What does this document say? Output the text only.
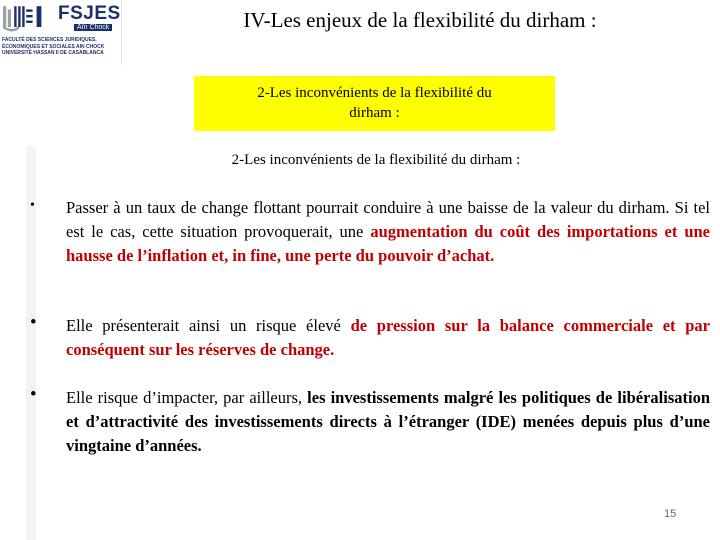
FSJES
Aïn Chock
FACULTÉ DES SCIENCES JURIDIQUES,
ÉCONOMIQUES ET SOCIALES AIN CHOCK
UNIVERSITÉ HASSAN II DE CASABLANCA
IV-Les enjeux de la flexibilité du dirham :
2-Les inconvénients de la flexibilité du
dirham :
2-Les inconvénients de la flexibilité du dirham :
• Passer à un taux de change flottant pourrait conduire à une baisse de la valeur du dirham. Si tel est le cas, cette situation provoquerait, une augmentation du coût des importations et une hausse de l’inflation et, in fine, une perte du pouvoir d’achat.
• Elle présenterait ainsi un risque élevé de pression sur la balance commerciale et par conséquent sur les réserves de change.
• Elle risque d’impacter, par ailleurs, les investissements malgré les politiques de libéralisation et d’attractivité des investissements directs à l’étranger (IDE) menées depuis plus d’une vingtaine d’années.
15
